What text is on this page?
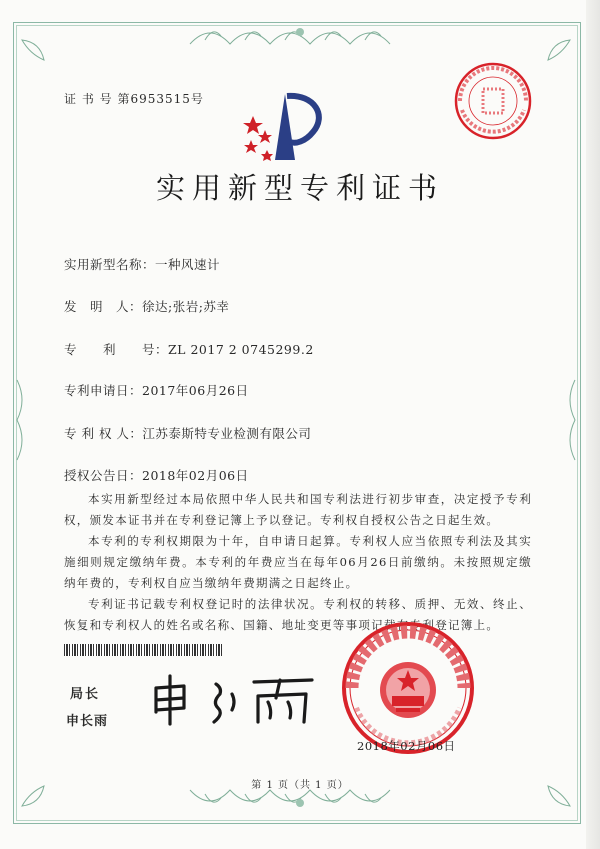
证 书 号 第6953515号
实用新型专利证书
实用新型名称：一种风速计
发　明　人：徐达;张岩;苏幸
专　　利　　号：ZL 2017 2 0745299.2
专利申请日：2017年06月26日
专 利 权 人：江苏泰斯特专业检测有限公司
授权公告日：2018年02月06日
本实用新型经过本局依照中华人民共和国专利法进行初步审查，决定授予专利权，颁发本证书并在专利登记簿上予以登记。专利权自授权公告之日起生效。
本专利的专利权期限为十年，自申请日起算。专利权人应当依照专利法及其实施细则规定缴纳年费。本专利的年费应当在每年06月26日前缴纳。未按照规定缴纳年费的，专利权自应当缴纳年费期满之日起终止。
专利证书记载专利权登记时的法律状况。专利权的转移、质押、无效、终止、恢复和专利权人的姓名或名称、国籍、地址变更等事项记载在专利登记簿上。
局长
申长雨
2018年02月06日
第 1 页（共 1 页）
